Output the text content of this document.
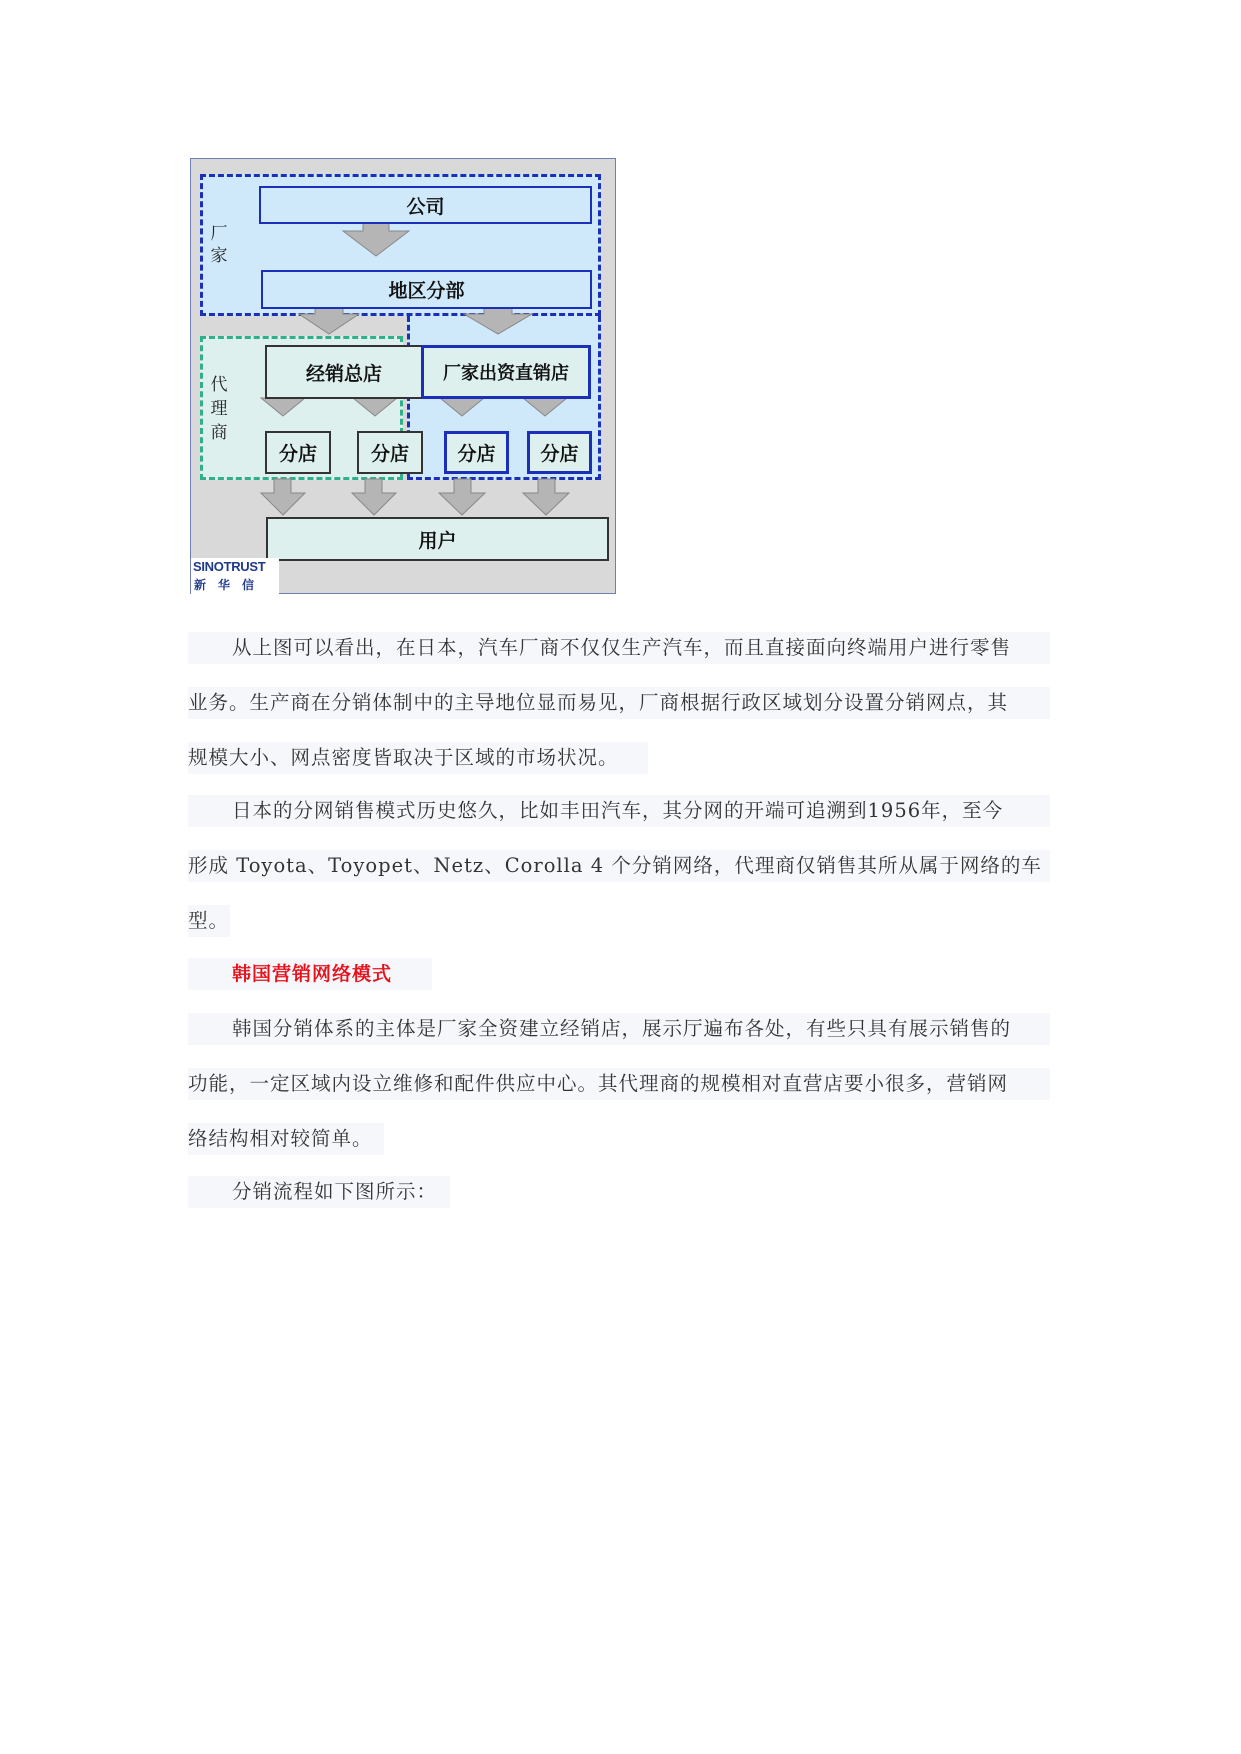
厂
家
代
理
商
公司
地区分部
经销总店	厂家出资直销店
分店	分店	分店	分店
用户
SINOTRUST
新华信

从上图可以看出，在日本，汽车厂商不仅仅生产汽车，而且直接面向终端用户进行零售
业务。生产商在分销体制中的主导地位显而易见，厂商根据行政区域划分设置分销网点，其
规模大小、网点密度皆取决于区域的市场状况。

日本的分网销售模式历史悠久，比如丰田汽车，其分网的开端可追溯到1956年，至今
形成 Toyota、Toyopet、Netz、Corolla 4 个分销网络，代理商仅销售其所从属于网络的车
型。

韩国营销网络模式

韩国分销体系的主体是厂家全资建立经销店，展示厅遍布各处，有些只具有展示销售的
功能，一定区域内设立维修和配件供应中心。其代理商的规模相对直营店要小很多，营销网
络结构相对较简单。

分销流程如下图所示：
